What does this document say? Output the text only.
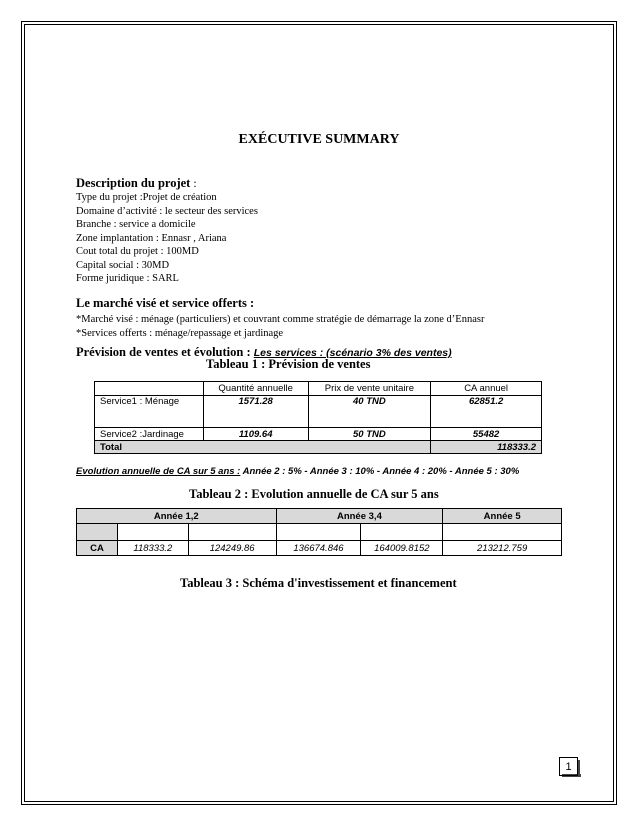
EXÉCUTIVE SUMMARY
Description du projet :
Type du projet :Projet de création
Domaine d’activité : le secteur des services
Branche : service a domicile
Zone implantation : Ennasr , Ariana
Cout total du projet : 100MD
Capital social : 30MD
Forme juridique : SARL
Le marché visé et service offerts :
*Marché visé : ménage (particuliers) et couvrant comme stratégie de démarrage la zone d’Ennasr
*Services offerts : ménage/repassage et jardinage
Prévision de ventes et évolution : Les services : (scénario 3% des ventes)
Tableau 1 : Prévision de ventes
	Quantité annuelle	Prix de vente unitaire	CA annuel
Service1 : Ménage	1571.28	40 TND	62851.2
Service2 :Jardinage	1109.64	50 TND	55482
Total			118333.2
Evolution annuelle de CA sur 5 ans : Année 2 : 5% - Année 3 : 10% - Année 4 : 20% - Année 5 : 30%
Tableau 2 : Evolution annuelle de CA sur 5 ans
Année 1,2			Année 3,4		Année 5

CA	118333.2	124249.86	136674.846	164009.8152	213212.759
Tableau 3 : Schéma d'investissement et financement
1
